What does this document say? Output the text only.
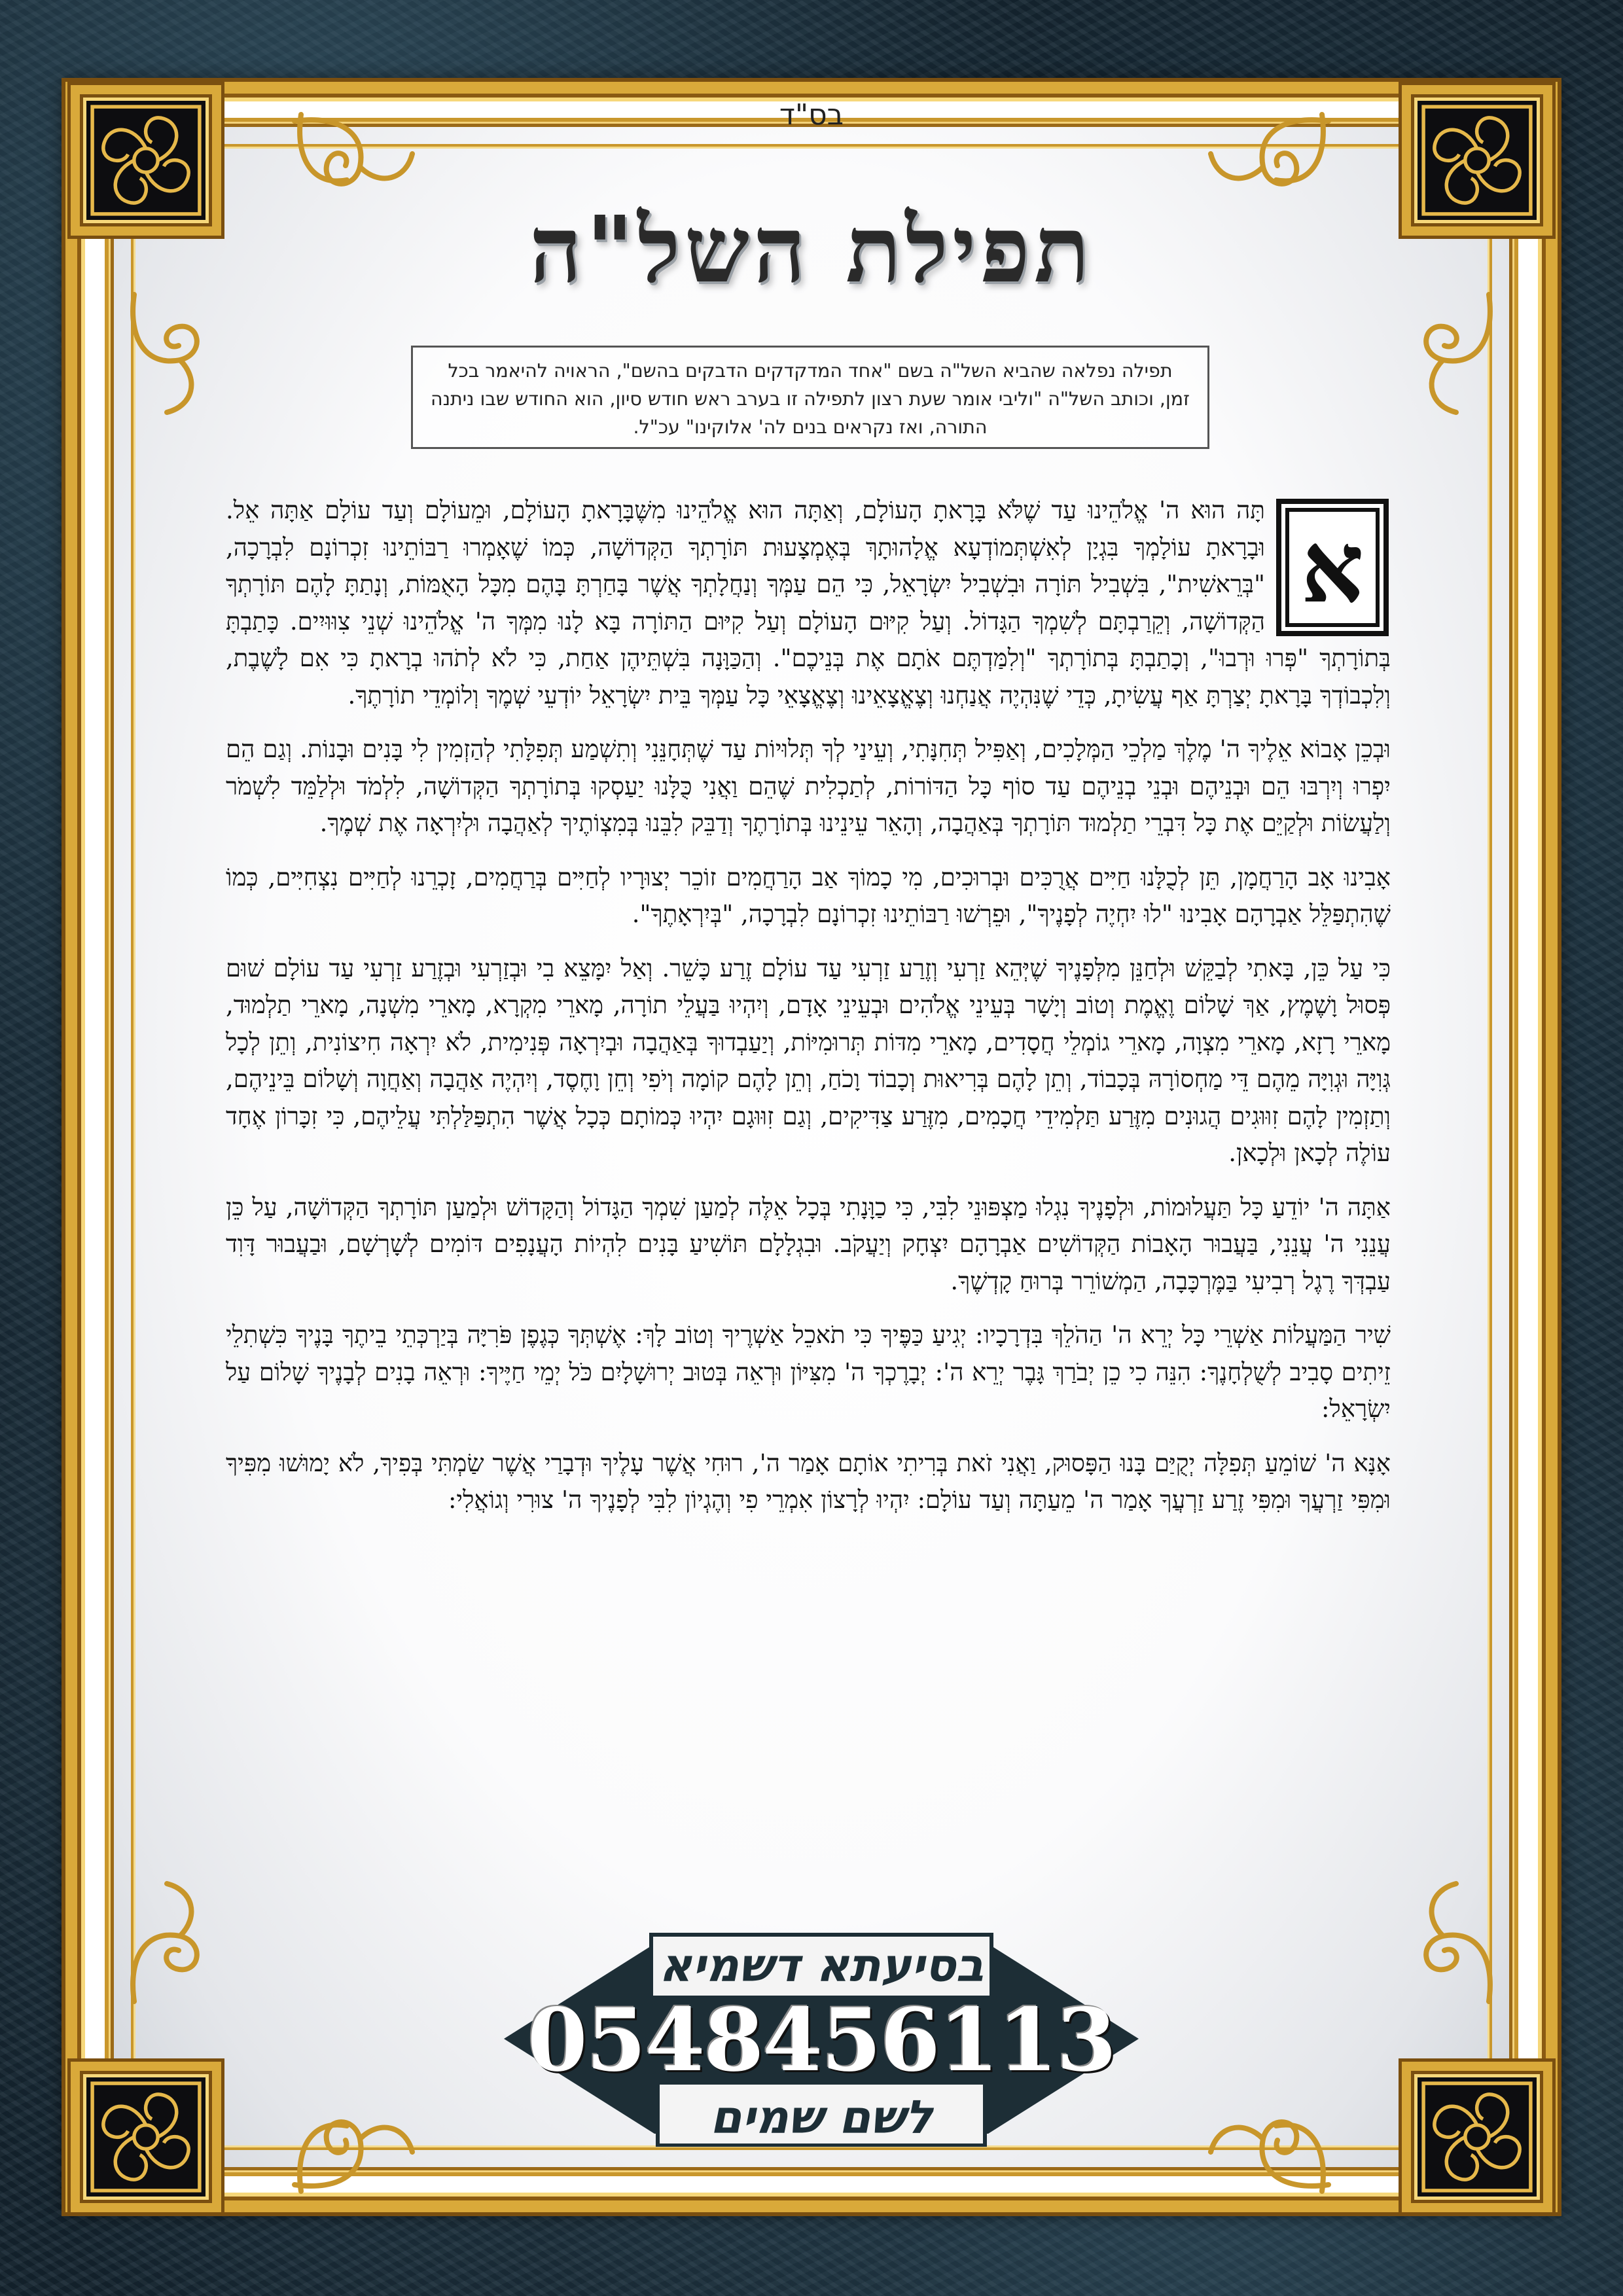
בס"ד
תפילת השל"ה
תפילה נפלאה שהביא השל"ה בשם "אחד המדקדקים הדבקים בהשם", הראויה להיאמר בכל זמן, וכותב השל"ה "וליבי אומר שעת רצון לתפילה זו בערב ראש חודש סיון, הוא החודש שבו ניתנה התורה, ואז נקראים בנים לה' אלוקינו" עכ"ל.
א

תָּה הוּא ה' אֱלֹהֵינוּ עַד שֶׁלֹּא בָּרָאתָ הָעוֹלָם, וְאַתָּה הוּא אֱלֹהֵינוּ מִשֶּׁבָּרָאתָ הָעוֹלָם, וּמֵעוֹלָם וְעַד עוֹלָם אַתָּה אֵל. וּבָרָאתָ עוֹלָמְךָ בִּגְיָן לְאִשְׁתְּמוֹדְעָא אֱלָהוּתָךְ בְּאֶמְצָעוּת תּוֹרָתְךָ הַקְּדוֹשָׁה, כְּמוֹ שֶׁאָמְרוּ רַבּוֹתֵינוּ זִכְרוֹנָם לִבְרָכָה, "בְּרֵאשִׁית", בִּשְׁבִיל תּוֹרָה וּבִשְׁבִיל יִשְׂרָאֵל, כִּי הֵם עַמְּךָ וְנַחֲלָתְךָ אֲשֶׁר בָּחַרְתָּ בָּהֶם מִכָּל הָאֻמּוֹת, וְנָתַתָּ לָהֶם תּוֹרָתְךָ הַקְּדוֹשָׁה, וְקֵרַבְתָּם לְשִׁמְךָ הַגָּדוֹל. וְעַל קִיּוּם הָעוֹלָם וְעַל קִיּוּם הַתּוֹרָה בָּא לָנוּ מִמְּךָ ה' אֱלֹהֵינוּ שְׁנֵי צִוּוּיִים. כָּתַבְתָּ בְּתוֹרָתְךָ "פְּרוּ וּרְבוּ", וְכָתַבְתָּ בְּתוֹרָתְךָ "וְלִמַּדְתֶּם אֹתָם אֶת בְּנֵיכֶם". וְהַכַּוָּנָה בִּשְׁתֵּיהֶן אַחַת, כִּי לֹא לְתֹהוּ בְרָאתָ כִּי אִם לָשֶׁבֶת, וְלִכְבוֹדְךָ בָּרָאתָ יְצַרְתָּ אַף עֲשִׂיתָ, כְּדֵי שֶׁנִּהְיֶה אֲנַחְנוּ וְצֶאֱצָאֵינוּ וְצֶאֱצָאֵי כָּל עַמְּךָ בֵּית יִשְׂרָאֵל יוֹדְעֵי שְׁמֶךָ וְלוֹמְדֵי תוֹרָתֶךָ.

וּבְכֵן אָבוֹא אֵלֶיךָ ה' מֶלֶךְ מַלְכֵי הַמְּלָכִים, וְאַפִּיל תְּחִנָּתִי, וְעֵינַי לְךָ תְּלוּיוֹת עַד שֶׁתְּחָנֵּנִי וְתִשְׁמַע תְּפִלָּתִי לְהַזְמִין לִי בָּנִים וּבָנוֹת. וְגַם הֵם יִפְרוּ וְיִרְבּוּ הֵם וּבְנֵיהֶם וּבְנֵי בְנֵיהֶם עַד סוֹף כָּל הַדּוֹרוֹת, לְתַכְלִית שֶׁהֵם וַאֲנִי כֻּלָּנוּ יַעַסְקוּ בְּתוֹרָתְךָ הַקְּדוֹשָׁה, לִלְמֹד וּלְלַמֵּד לִשְׁמֹר וְלַעֲשׂוֹת וּלְקַיֵּם אֶת כָּל דִּבְרֵי תַלְמוּד תּוֹרָתְךָ בְּאַהֲבָה, וְהָאֵר עֵינֵינוּ בְּתוֹרָתֶךָ וְדַבֵּק לִבֵּנוּ בְּמִצְוֹתֶיךָ לְאַהֲבָה וּלְיִרְאָה אֶת שְׁמֶךָ.

אָבִינוּ אָב הָרַחֲמָן, תֵּן לְכֻלָּנוּ חַיִּים אֲרֻכִּים וּבְרוּכִים, מִי כָמוֹךָ אַב הָרַחֲמִים זוֹכֵר יְצוּרָיו לְחַיִּים בְּרַחֲמִים, זָכְרֵנוּ לְחַיִּים נִצְחִיִּים, כְּמוֹ שֶׁהִתְפַּלֵּל אַבְרָהָם אָבִינוּ "לוּ יִחְיֶה לְפָנֶיךָ", וּפֵרְשׁוּ רַבּוֹתֵינוּ זִכְרוֹנָם לִבְרָכָה, "בְּיִרְאָתֶךָ".

כִּי עַל כֵּן, בָּאתִי לְבַקֵּשׁ וּלְחַנֵּן מִלְּפָנֶיךָ שֶׁיְּהֵא זַרְעִי וְזֶרַע זַרְעִי עַד עוֹלָם זֶרַע כָּשֵׁר. וְאַל יִמָּצֵא בִי וּבְזַרְעִי וּבְזֶרַע זַרְעִי עַד עוֹלָם שׁוּם פְּסוּל וָשֶׁמֶץ, אַךְ שָׁלוֹם וֶאֱמֶת וְטוֹב וְיָשָׁר בְּעֵינֵי אֱלֹהִים וּבְעֵינֵי אָדָם, וְיִהְיוּ בַּעֲלֵי תוֹרָה, מָארֵי מִקְרָא, מָארֵי מִשְׁנָה, מָארֵי תַלְמוּד, מָארֵי רָזָא, מָארֵי מִצְוָה, מָארֵי גוֹמְלֵי חֲסָדִים, מָארֵי מִדּוֹת תְּרוּמִיּוֹת, וְיַעַבְדוּךָ בְּאַהֲבָה וּבְיִרְאָה פְּנִימִית, לֹא יִרְאָה חִיצוֹנִית, וְתֵן לְכָל גְּוִיָּה וּגְוִיָּה מֵהֶם דֵּי מַחְסוֹרָהּ בְּכָבוֹד, וְתֵן לָהֶם בְּרִיאוּת וְכָבוֹד וָכֹחַ, וְתֵן לָהֶם קוֹמָה וְיֹפִי וְחֵן וָחֶסֶד, וְיִהְיֶה אַהֲבָה וְאַחֲוָה וְשָׁלוֹם בֵּינֵיהֶם, וְתַזְמִין לָהֶם זִוּוּגִים הֲגוּנִים מִזֶּרַע תַּלְמִידֵי חֲכָמִים, מִזֶּרַע צַדִּיקִים, וְגַם זִוּוּגָם יִהְיוּ כְּמוֹתָם כְּכָל אֲשֶׁר הִתְפַּלַּלְתִּי עֲלֵיהֶם, כִּי זִכָּרוֹן אֶחָד עוֹלֶה לְכָאן וּלְכָאן.

אַתָּה ה' יוֹדֵעַ כָּל תַּעֲלוּמוֹת, וּלְפָנֶיךָ נִגְלוּ מַצְפּוּנֵי לִבִּי, כִּי כַוָּנָתִי בְּכָל אֵלֶּה לְמַעַן שִׁמְךָ הַגָּדוֹל וְהַקָּדוֹשׁ וּלְמַעַן תּוֹרָתְךָ הַקְּדוֹשָׁה, עַל כֵּן עֲנֵנִי ה' עֲנֵנִי, בַּעֲבוּר הָאָבוֹת הַקְּדוֹשִׁים אַבְרָהָם יִצְחָק וְיַעֲקֹב. וּבִגְלָלָם תּוֹשִׁיעַ בָּנִים לִהְיוֹת הָעֲנָפִים דּוֹמִים לְשָׁרְשָׁם, וּבַעֲבוּר דָּוִד עַבְדְּךָ רֶגֶל רְבִיעִי בַּמֶּרְכָּבָה, הַמְשׁוֹרֵר בְּרוּחַ קָדְשֶׁךָ.

שִׁיר הַמַּעֲלוֹת אַשְׁרֵי כָּל יְרֵא ה' הַהֹלֵךְ בִּדְרָכָיו: יְגִיעַ כַּפֶּיךָ כִּי תֹאכֵל אַשְׁרֶיךָ וְטוֹב לָךְ: אֶשְׁתְּךָ כְּגֶפֶן פֹּרִיָּה בְּיַרְכְּתֵי בֵיתֶךָ בָּנֶיךָ כִּשְׁתִלֵי זֵיתִים סָבִיב לְשֻׁלְחָנֶךָ: הִנֵּה כִי כֵן יְבֹרַךְ גָּבֶר יְרֵא ה': יְבָרֶכְךָ ה' מִצִּיּוֹן וּרְאֵה בְּטוּב יְרוּשָׁלָיִם כֹּל יְמֵי חַיֶּיךָ: וּרְאֵה בָנִים לְבָנֶיךָ שָׁלוֹם עַל יִשְׂרָאֵל:

אָנָּא ה' שׁוֹמֵעַ תְּפִלָּה יְקֻיַּם בָּנוּ הַפָּסוּק, וַאֲנִי זֹאת בְּרִיתִי אוֹתָם אָמַר ה', רוּחִי אֲשֶׁר עָלֶיךָ וּדְבָרַי אֲשֶׁר שַׂמְתִּי בְּפִיךָ, לֹא יָמוּשׁוּ מִפִּיךָ וּמִפִּי זַרְעֲךָ וּמִפִּי זֶרַע זַרְעֲךָ אָמַר ה' מֵעַתָּה וְעַד עוֹלָם: יִהְיוּ לְרָצוֹן אִמְרֵי פִי וְהֶגְיוֹן לִבִּי לְפָנֶיךָ ה' צוּרִי וְגוֹאֲלִי:

בסיעתא דשמיא
0548456113
לשם שמים
